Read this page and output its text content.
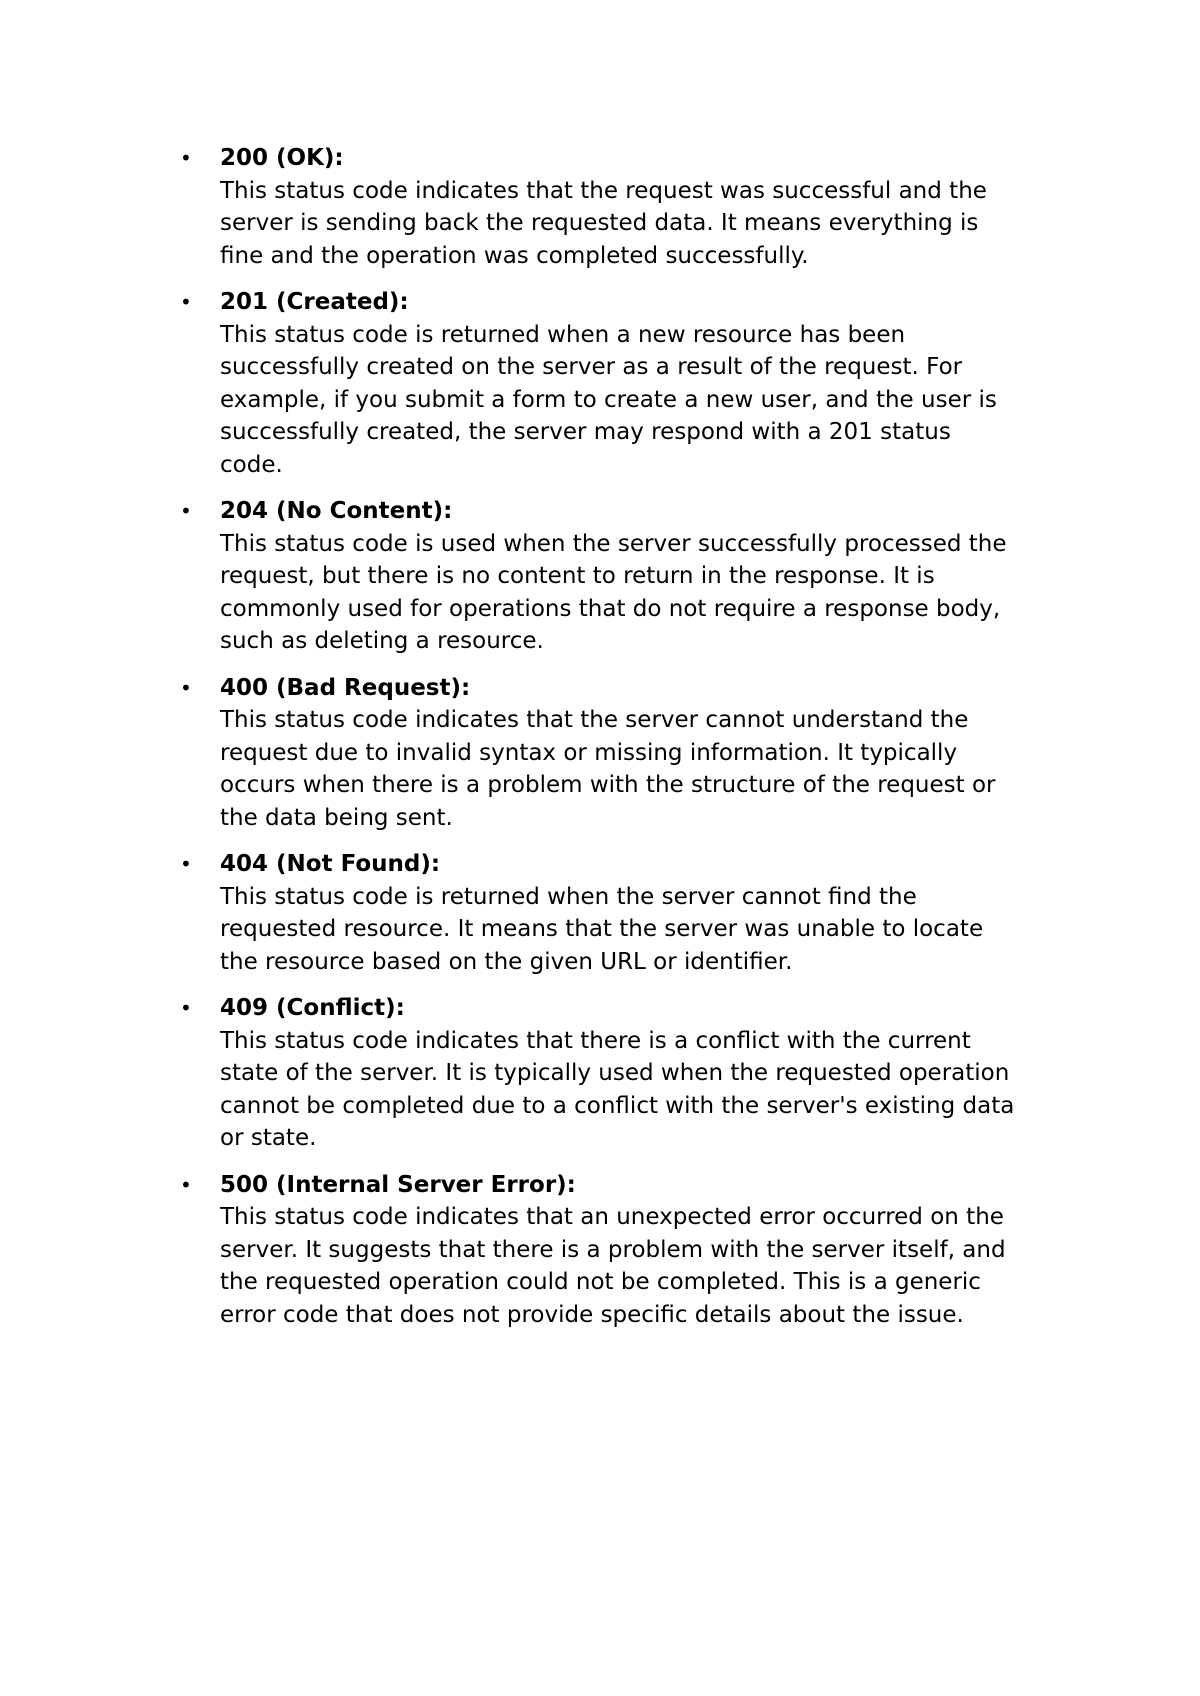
•	200 (OK):
This status code indicates that the request was successful and the
server is sending back the requested data. It means everything is
fine and the operation was completed successfully.
•	201 (Created):
This status code is returned when a new resource has been
successfully created on the server as a result of the request. For
example, if you submit a form to create a new user, and the user is
successfully created, the server may respond with a 201 status
code.
•	204 (No Content):
This status code is used when the server successfully processed the
request, but there is no content to return in the response. It is
commonly used for operations that do not require a response body,
such as deleting a resource.
•	400 (Bad Request):
This status code indicates that the server cannot understand the
request due to invalid syntax or missing information. It typically
occurs when there is a problem with the structure of the request or
the data being sent.
•	404 (Not Found):
This status code is returned when the server cannot find the
requested resource. It means that the server was unable to locate
the resource based on the given URL or identifier.
•	409 (Conflict):
This status code indicates that there is a conflict with the current
state of the server. It is typically used when the requested operation
cannot be completed due to a conflict with the server's existing data
or state.
•	500 (Internal Server Error):
This status code indicates that an unexpected error occurred on the
server. It suggests that there is a problem with the server itself, and
the requested operation could not be completed. This is a generic
error code that does not provide specific details about the issue.
